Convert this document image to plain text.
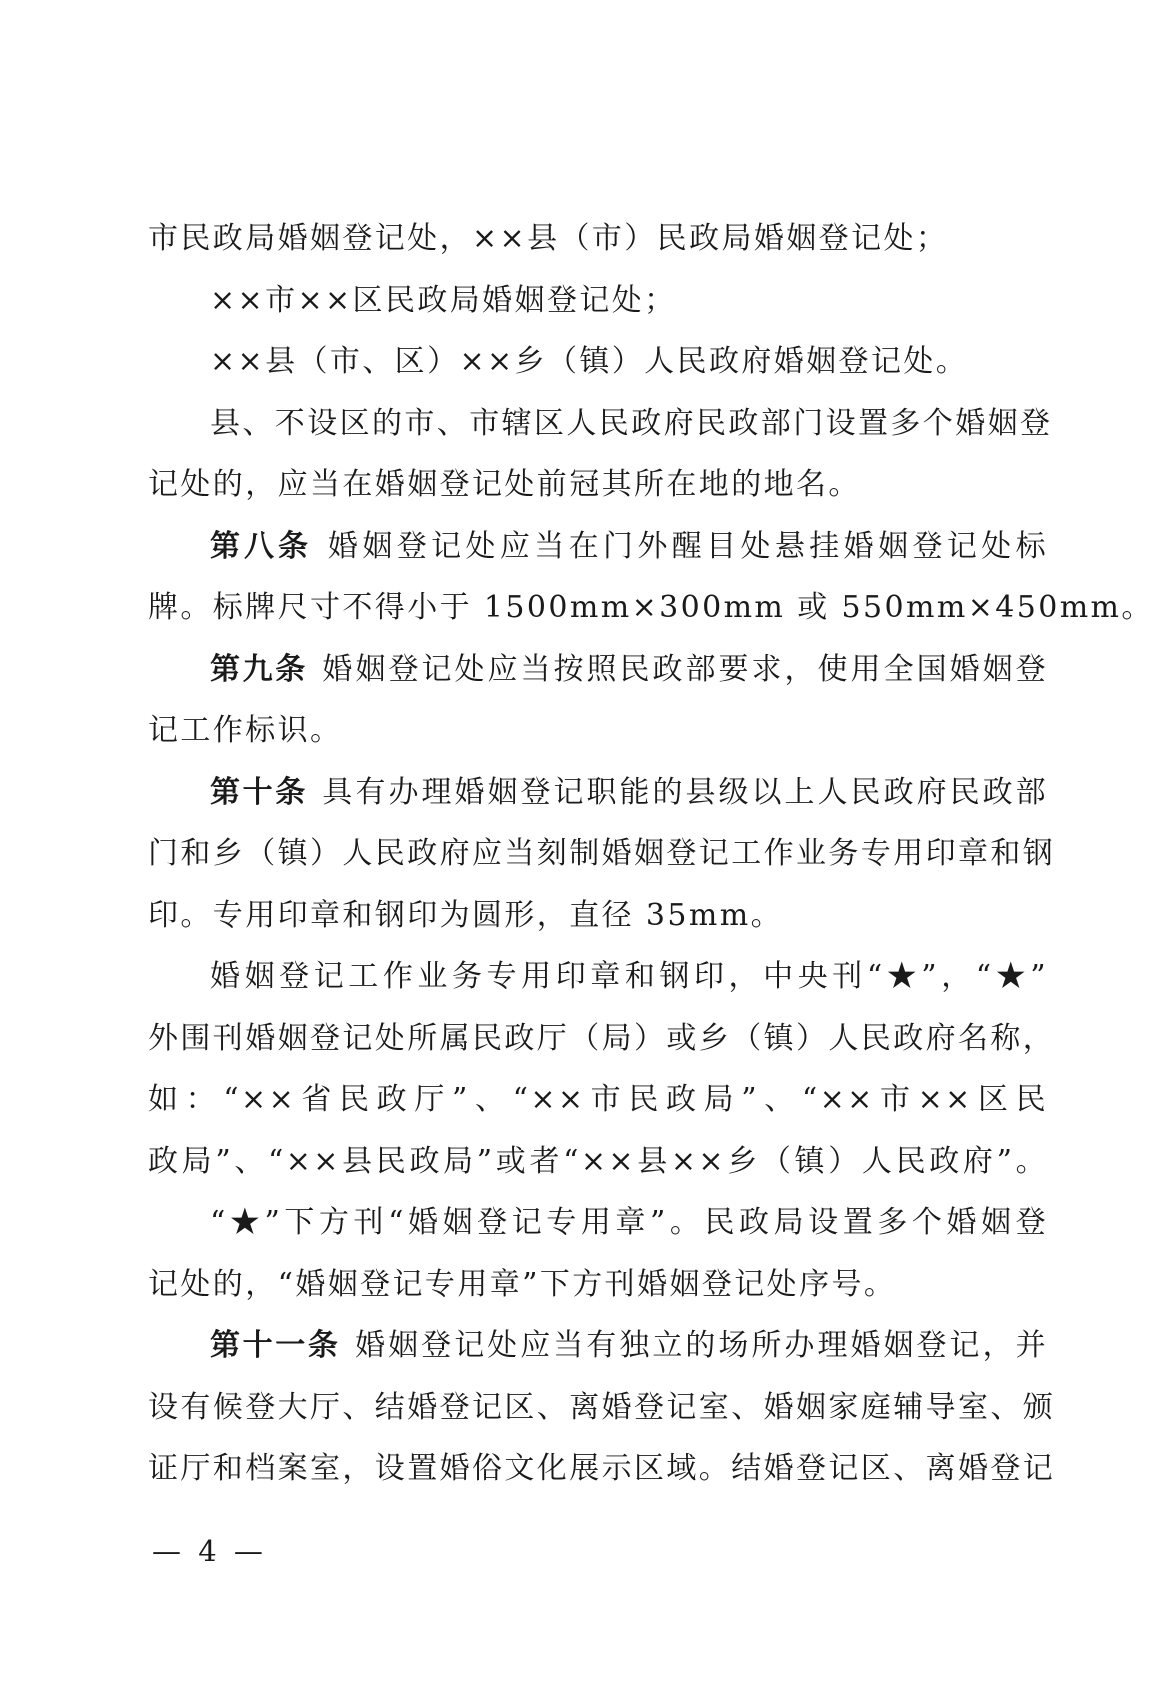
市民政局婚姻登记处，××县（市）民政局婚姻登记处；
××市××区民政局婚姻登记处；
××县（市、区）××乡（镇）人民政府婚姻登记处。
县、不设区的市、市辖区人民政府民政部门设置多个婚姻登
记处的，应当在婚姻登记处前冠其所在地的地名。
第八条 婚姻登记处应当在门外醒目处悬挂婚姻登记处标
牌。标牌尺寸不得小于 1500mm×300mm 或 550mm×450mm。
第九条 婚姻登记处应当按照民政部要求，使用全国婚姻登
记工作标识。
第十条 具有办理婚姻登记职能的县级以上人民政府民政部
门和乡（镇）人民政府应当刻制婚姻登记工作业务专用印章和钢
印。专用印章和钢印为圆形，直径 35mm。
婚姻登记工作业务专用印章和钢印，中央刊“★”，“★”
外围刊婚姻登记处所属民政厅（局）或乡（镇）人民政府名称，
如：“××省民政厅”、“××市民政局”、“××市××区民
政局”、“××县民政局”或者“××县××乡（镇）人民政府”。
“★”下方刊“婚姻登记专用章”。民政局设置多个婚姻登
记处的，“婚姻登记专用章”下方刊婚姻登记处序号。
第十一条 婚姻登记处应当有独立的场所办理婚姻登记，并
设有候登大厅、结婚登记区、离婚登记室、婚姻家庭辅导室、颁
证厅和档案室，设置婚俗文化展示区域。结婚登记区、离婚登记
— 4 —
